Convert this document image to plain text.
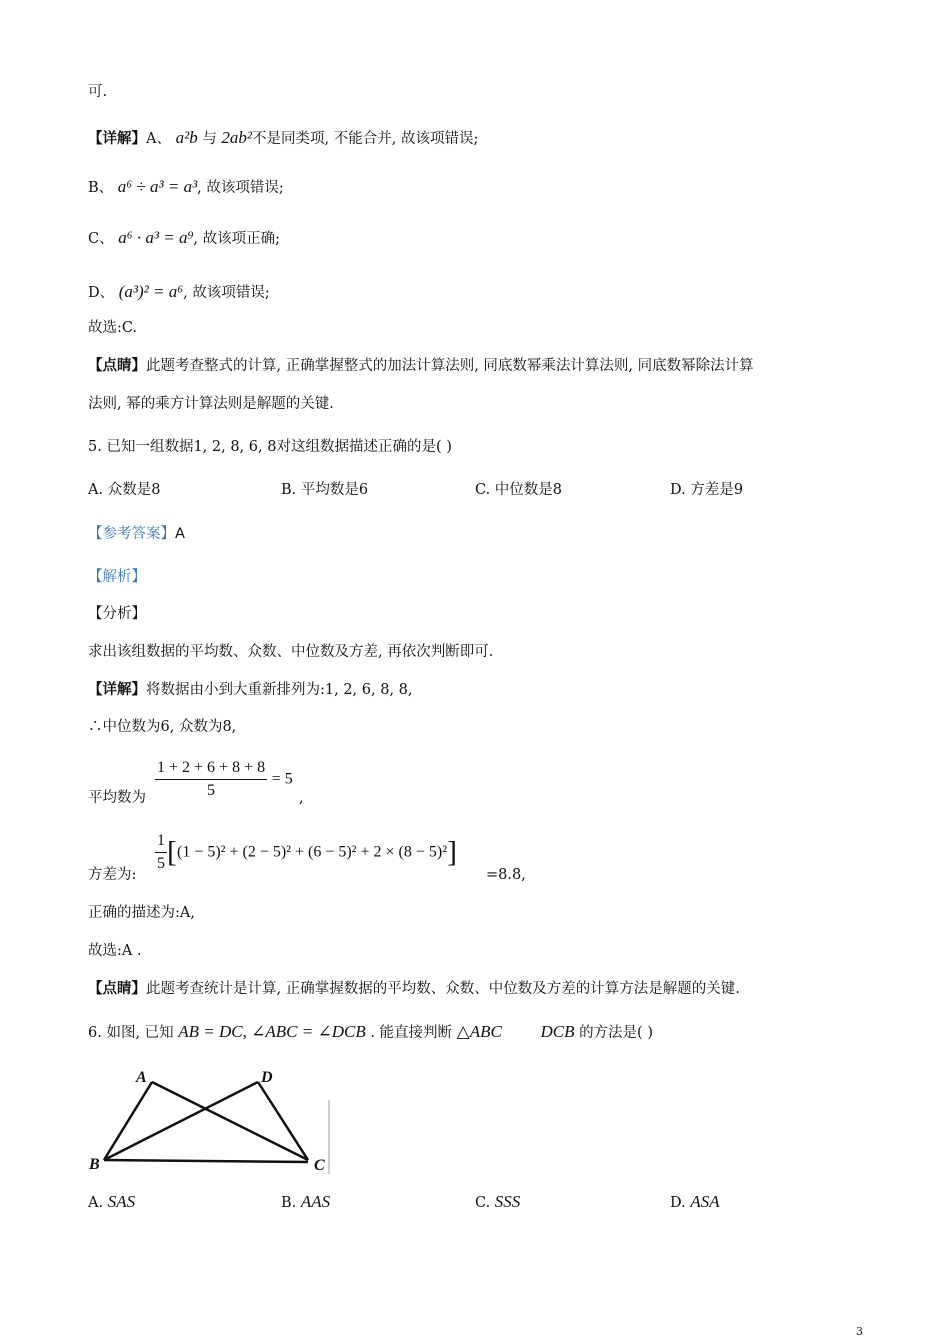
可.
【详解】A、 a²b 与 2ab²不是同类项, 不能合并, 故该项错误;
B、 a⁶ ÷ a³ = a³, 故该项错误;
C、 a⁶ · a³ = a⁹, 故该项正确;
D、 (a³)² = a⁶, 故该项错误;
故选:C.
【点睛】此题考查整式的计算, 正确掌握整式的加法计算法则, 同底数幂乘法计算法则, 同底数幂除法计算
法则, 幂的乘方计算法则是解题的关键.
5. 已知一组数据1, 2, 8, 6, 8对这组数据描述正确的是( )
A. 众数是8	B. 平均数是6	C. 中位数是8	D. 方差是9
【参考答案】A
【解析】
【分析】
求出该组数据的平均数、众数、中位数及方差, 再依次判断即可.
【详解】将数据由小到大重新排列为:1, 2, 6, 8, 8,
∴中位数为6, 众数为8,
平均数为 $\frac{1 + 2 + 6 + 8 + 8}{5} = 5$
,
方差为: $\frac{1}{5} [(1 - 5)^2 + (2 - 5)^2 + (6 - 5)^2 + 2 \times (8 - 5)^2]$
=8.8,
正确的描述为:A,
故选:A .
【点睛】此题考查统计是计算, 正确掌握数据的平均数、众数、中位数及方差的计算方法是解题的关键.
6. 如图, 已知 AB = DC, ∠ABC = ∠DCB . 能直接判断 △ABC DCB 的方法是( )
A	D
B	C
A. SAS	B. AAS	C. SSS	D. ASA
3
